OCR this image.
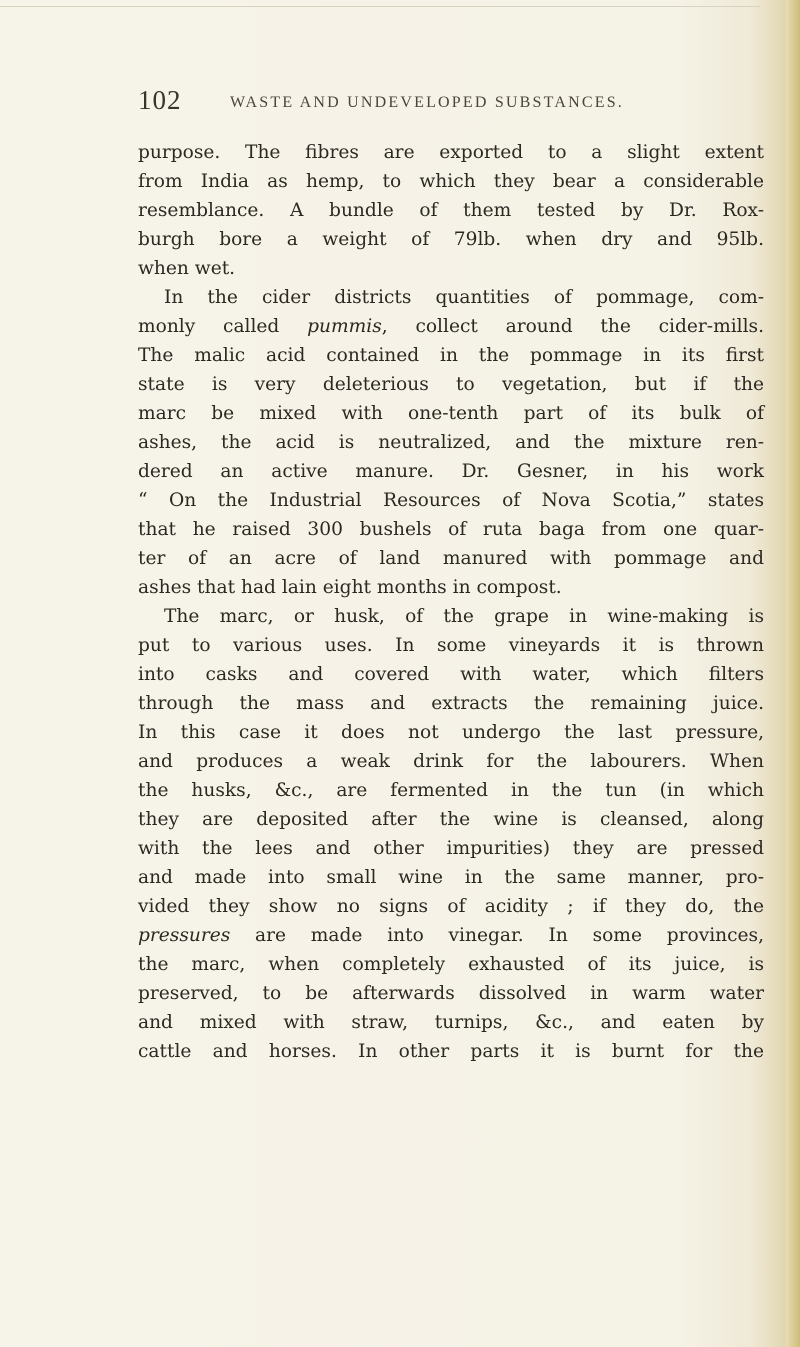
102	WASTE AND UNDEVELOPED SUBSTANCES.
purpose. The fibres are exported to a slight extent
from India as hemp, to which they bear a considerable
resemblance. A bundle of them tested by Dr. Rox-
burgh bore a weight of 79lb. when dry and 95lb.
when wet.
In the cider districts quantities of pommage, com-
monly called pummis, collect around the cider-mills.
The malic acid contained in the pommage in its first
state is very deleterious to vegetation, but if the
marc be mixed with one-tenth part of its bulk of
ashes, the acid is neutralized, and the mixture ren-
dered an active manure. Dr. Gesner, in his work
“ On the Industrial Resources of Nova Scotia,” states
that he raised 300 bushels of ruta baga from one quar-
ter of an acre of land manured with pommage and
ashes that had lain eight months in compost.
The marc, or husk, of the grape in wine-making is
put to various uses. In some vineyards it is thrown
into casks and covered with water, which filters
through the mass and extracts the remaining juice.
In this case it does not undergo the last pressure,
and produces a weak drink for the labourers. When
the husks, &c., are fermented in the tun (in which
they are deposited after the wine is cleansed, along
with the lees and other impurities) they are pressed
and made into small wine in the same manner, pro-
vided they show no signs of acidity ; if they do, the
pressures are made into vinegar. In some provinces,
the marc, when completely exhausted of its juice, is
preserved, to be afterwards dissolved in warm water
and mixed with straw, turnips, &c., and eaten by
cattle and horses. In other parts it is burnt for the
